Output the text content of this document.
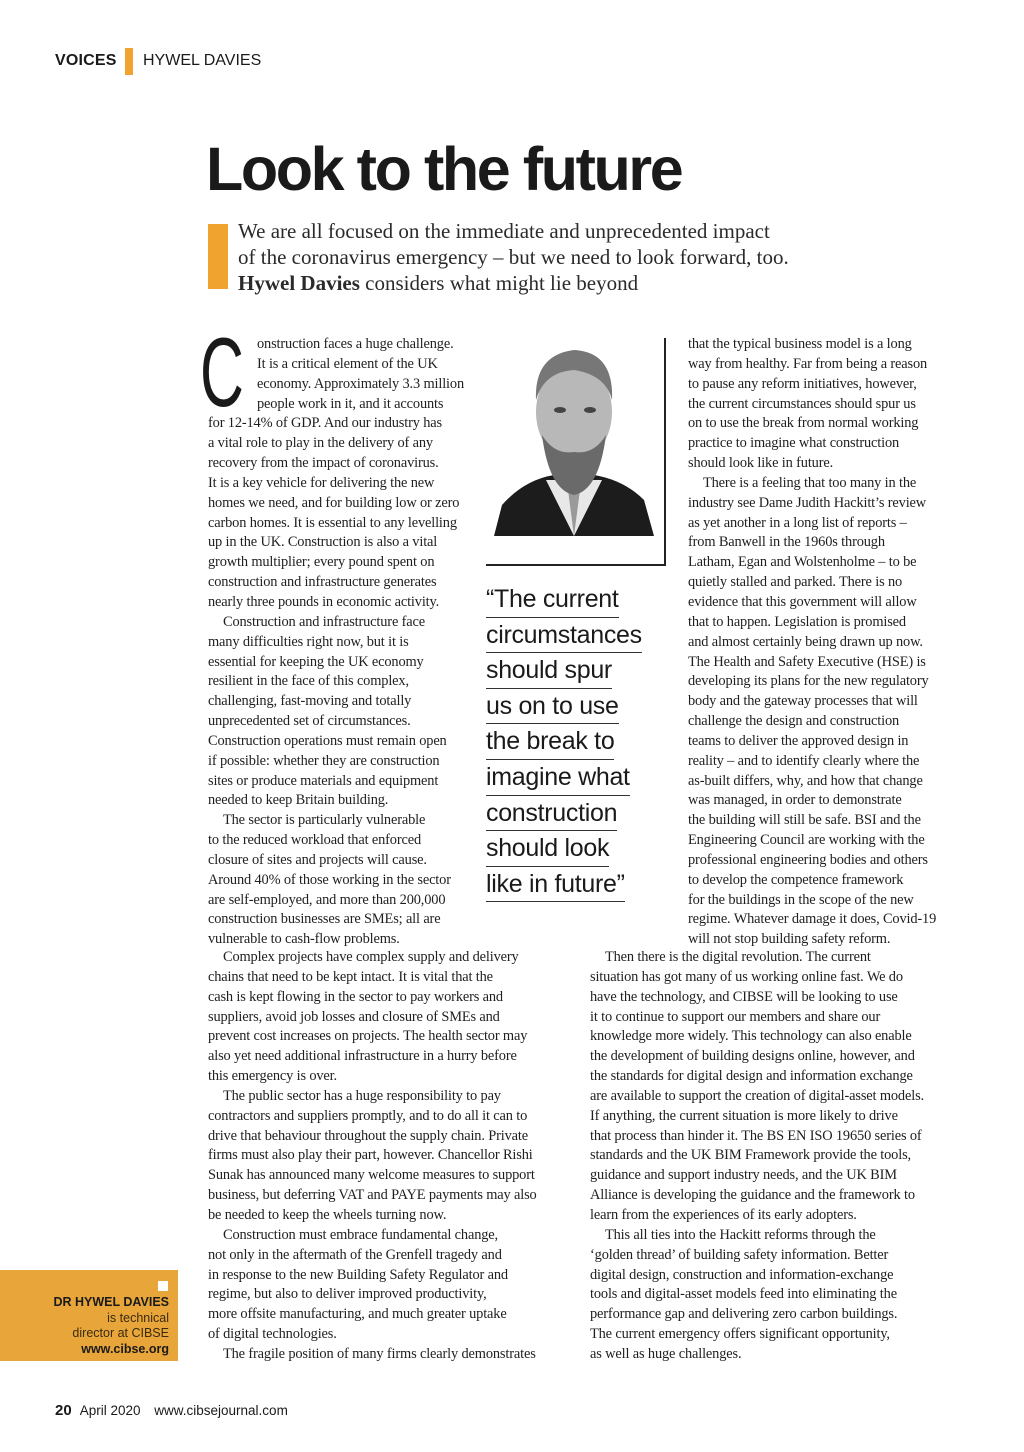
VOICES HYWEL DAVIES
Look to the future
We are all focused on the immediate and unprecedented impact
of the coronavirus emergency – but we need to look forward, too.
Hywel Davies considers what might lie beyond
C onstruction faces a huge challenge.
It is a critical element of the UK
economy. Approximately 3.3 million
people work in it, and it accounts
for 12-14% of GDP. And our industry has
a vital role to play in the delivery of any
recovery from the impact of coronavirus.
It is a key vehicle for delivering the new
homes we need, and for building low or zero
carbon homes. It is essential to any levelling
up in the UK. Construction is also a vital
growth multiplier; every pound spent on
construction and infrastructure generates
nearly three pounds in economic activity.
Construction and infrastructure face
many difficulties right now, but it is
essential for keeping the UK economy
resilient in the face of this complex,
challenging, fast-moving and totally
unprecedented set of circumstances.
Construction operations must remain open
if possible: whether they are construction
sites or produce materials and equipment
needed to keep Britain building.
The sector is particularly vulnerable
to the reduced workload that enforced
closure of sites and projects will cause.
Around 40% of those working in the sector
are self-employed, and more than 200,000
construction businesses are SMEs; all are
vulnerable to cash-flow problems.
Complex projects have complex supply and delivery
chains that need to be kept intact. It is vital that the
cash is kept flowing in the sector to pay workers and
suppliers, avoid job losses and closure of SMEs and
prevent cost increases on projects. The health sector may
also yet need additional infrastructure in a hurry before
this emergency is over.
The public sector has a huge responsibility to pay
contractors and suppliers promptly, and to do all it can to
drive that behaviour throughout the supply chain. Private
firms must also play their part, however. Chancellor Rishi
Sunak has announced many welcome measures to support
business, but deferring VAT and PAYE payments may also
be needed to keep the wheels turning now.
Construction must embrace fundamental change,
not only in the aftermath of the Grenfell tragedy and
in response to the new Building Safety Regulator and
regime, but also to deliver improved productivity,
more offsite manufacturing, and much greater uptake
of digital technologies.
The fragile position of many firms clearly demonstrates
that the typical business model is a long
way from healthy. Far from being a reason
to pause any reform initiatives, however,
the current circumstances should spur us
on to use the break from normal working
practice to imagine what construction
should look like in future.
There is a feeling that too many in the
industry see Dame Judith Hackitt’s review
as yet another in a long list of reports –
from Banwell in the 1960s through
Latham, Egan and Wolstenholme – to be
quietly stalled and parked. There is no
evidence that this government will allow
that to happen. Legislation is promised
and almost certainly being drawn up now.
The Health and Safety Executive (HSE) is
developing its plans for the new regulatory
body and the gateway processes that will
challenge the design and construction
teams to deliver the approved design in
reality – and to identify clearly where the
as-built differs, why, and how that change
was managed, in order to demonstrate
the building will still be safe. BSI and the
Engineering Council are working with the
professional engineering bodies and others
to develop the competence framework
for the buildings in the scope of the new
regime. Whatever damage it does, Covid-19
will not stop building safety reform.
Then there is the digital revolution. The current
situation has got many of us working online fast. We do
have the technology, and CIBSE will be looking to use
it to continue to support our members and share our
knowledge more widely. This technology can also enable
the development of building designs online, however, and
the standards for digital design and information exchange
are available to support the creation of digital-asset models.
If anything, the current situation is more likely to drive
that process than hinder it. The BS EN ISO 19650 series of
standards and the UK BIM Framework provide the tools,
guidance and support industry needs, and the UK BIM
Alliance is developing the guidance and the framework to
learn from the experiences of its early adopters.
This all ties into the Hackitt reforms through the
‘golden thread’ of building safety information. Better
digital design, construction and information-exchange
tools and digital-asset models feed into eliminating the
performance gap and delivering zero carbon buildings.
The current emergency offers significant opportunity,
as well as huge challenges.
“The current
circumstances
should spur
us on to use
the break to
imagine what
construction
should look
like in future”
DR HYWEL DAVIES
is technical
director at CIBSE
www.cibse.org
20 April 2020 www.cibsejournal.com
